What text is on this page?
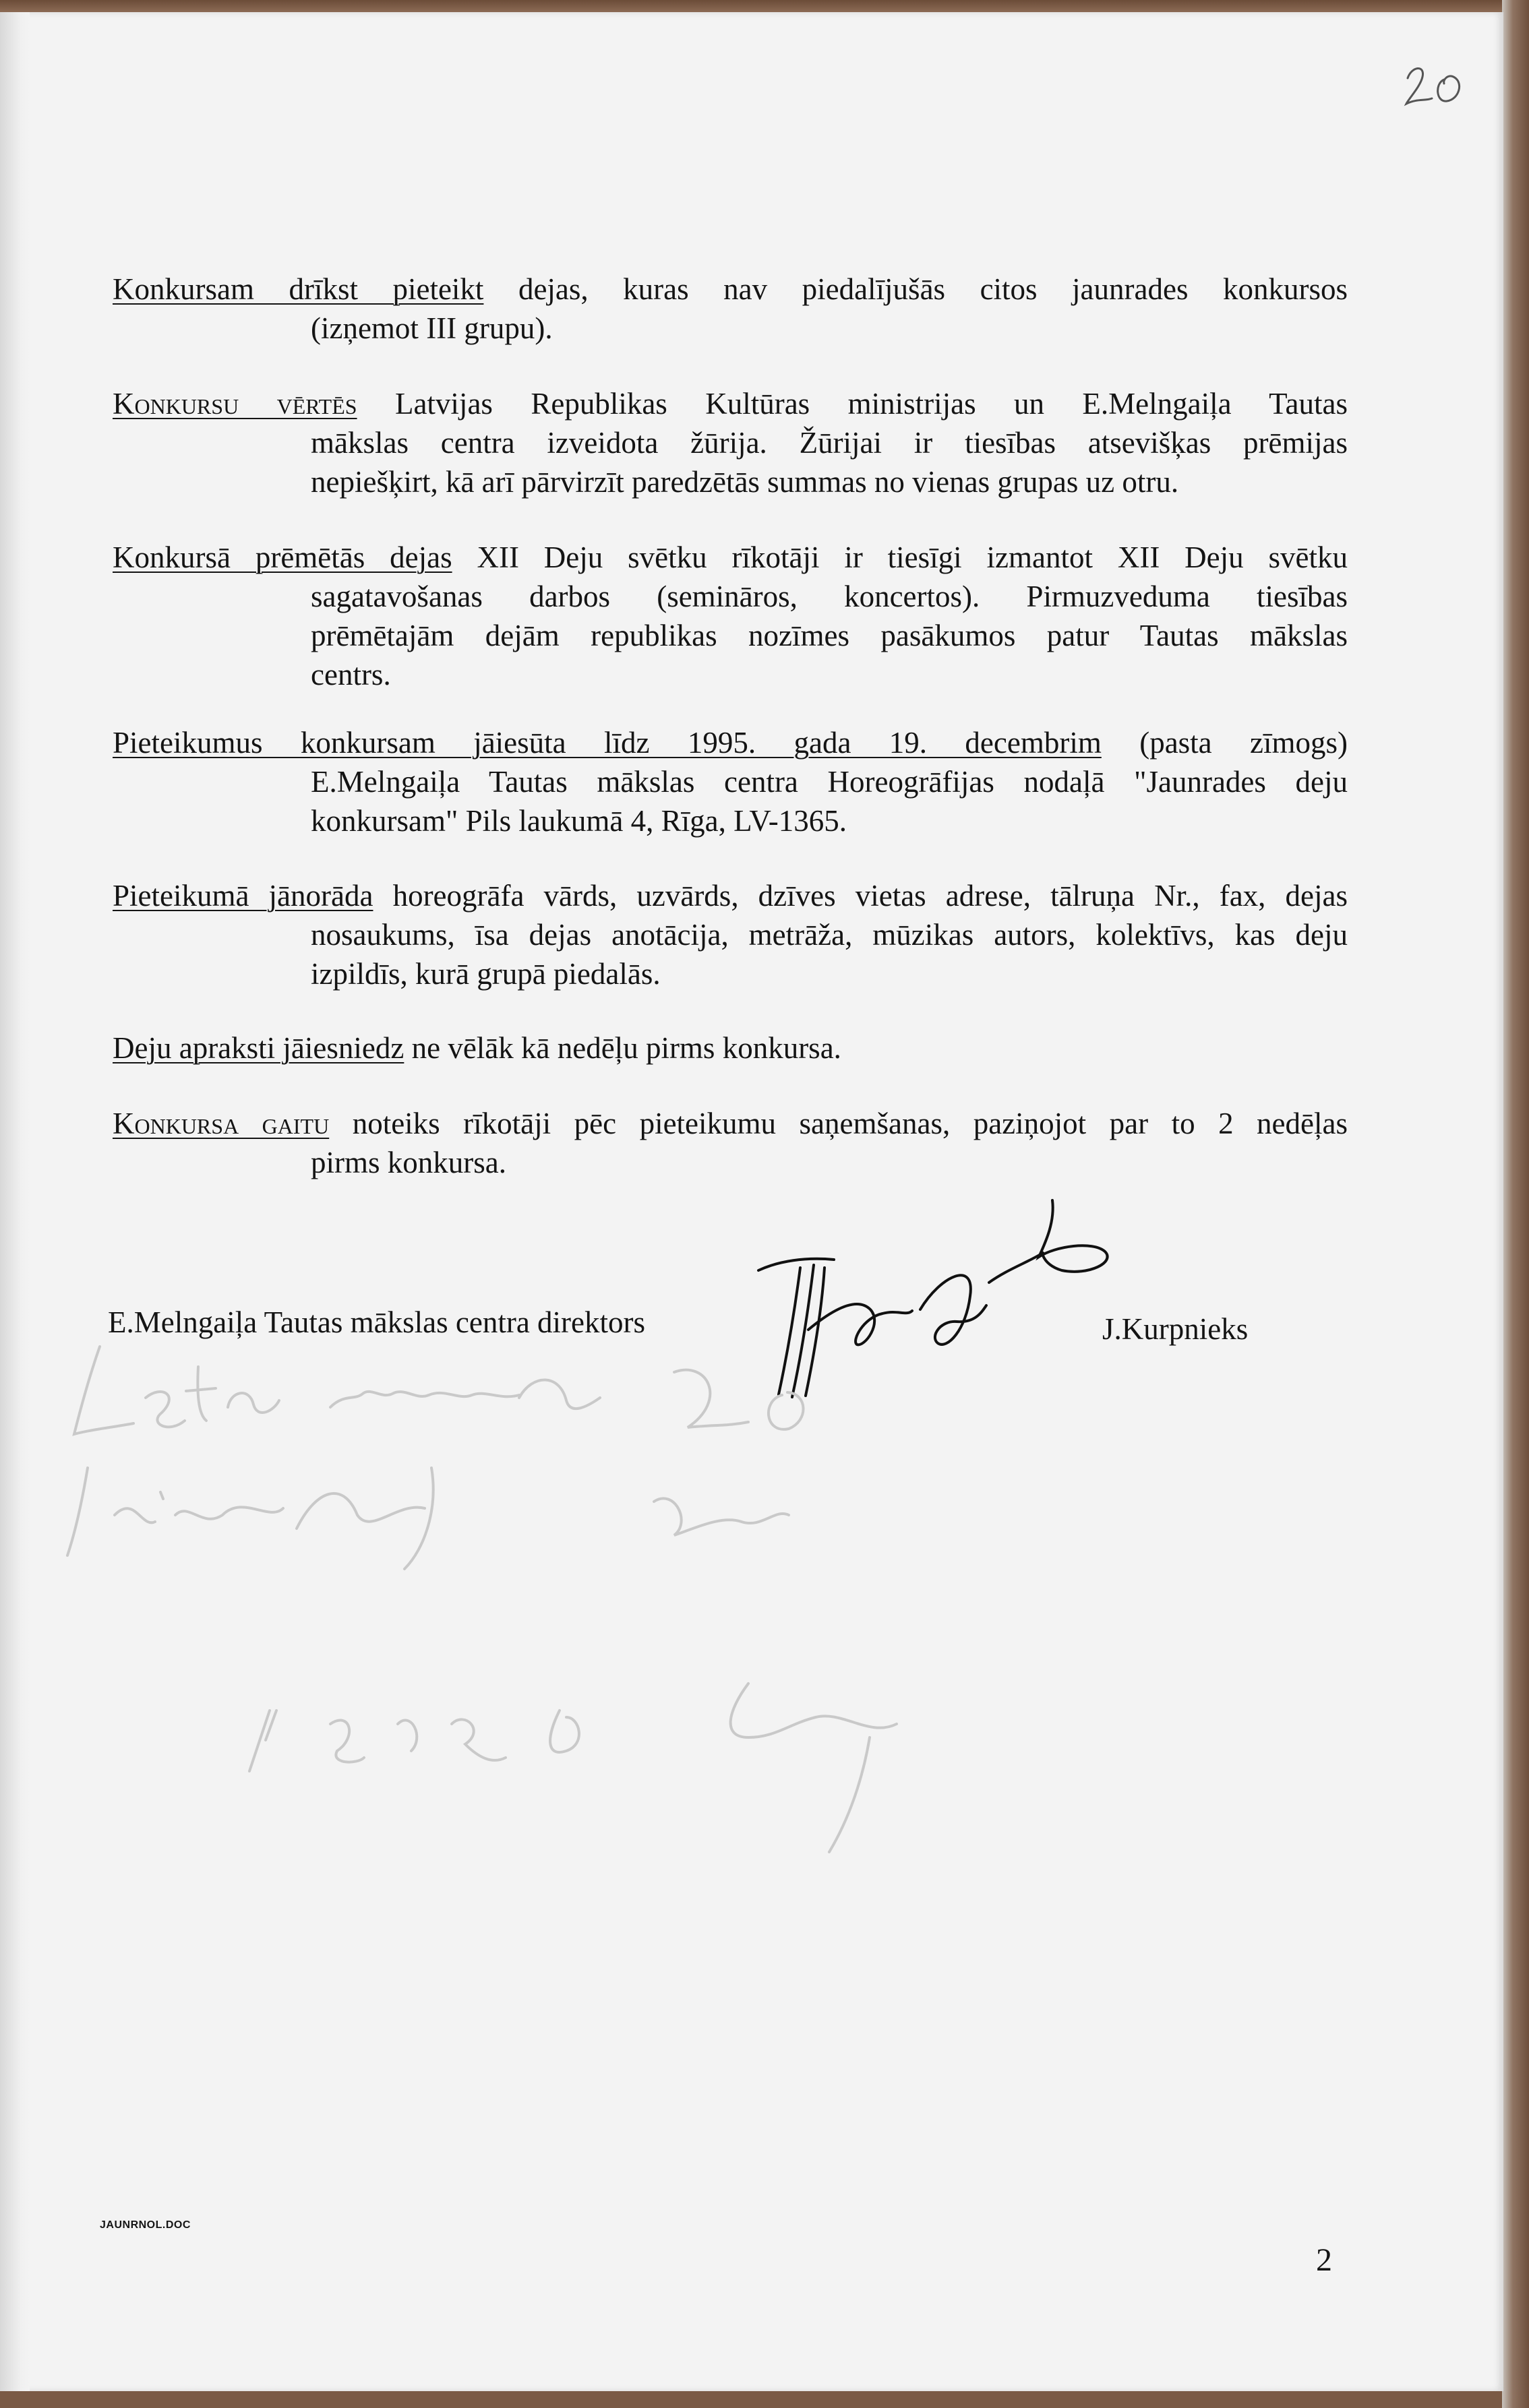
Konkursam drīkst pieteikt dejas, kuras nav piedalījušās citos jaunrades konkursos
(izņemot III grupu).
Konkursu vērtēs Latvijas Republikas Kultūras ministrijas un E.Melngaiļa Tautas
mākslas centra izveidota žūrija. Žūrijai ir tiesības atsevišķas prēmijas
nepiešķirt, kā arī pārvirzīt paredzētās summas no vienas grupas uz otru.
Konkursā prēmētās dejas XII Deju svētku rīkotāji ir tiesīgi izmantot XII Deju svētku
sagatavošanas darbos (semināros, koncertos). Pirmuzveduma tiesības
prēmētajām dejām republikas nozīmes pasākumos patur Tautas mākslas
centrs.
Pieteikumus konkursam jāiesūta līdz 1995. gada 19. decembrim (pasta zīmogs)
E.Melngaiļa Tautas mākslas centra Horeogrāfijas nodaļā "Jaunrades deju
konkursam" Pils laukumā 4, Rīga, LV-1365.
Pieteikumā jānorāda horeogrāfa vārds, uzvārds, dzīves vietas adrese, tālruņa Nr., fax, dejas
nosaukums, īsa dejas anotācija, metrāža, mūzikas autors, kolektīvs, kas deju
izpildīs, kurā grupā piedalās.
Deju apraksti jāiesniedz ne vēlāk kā nedēļu pirms konkursa.
Konkursa gaitu noteiks rīkotāji pēc pieteikumu saņemšanas, paziņojot par to 2 nedēļas
pirms konkursa.
E.Melngaiļa Tautas mākslas centra direktors	J.Kurpnieks
JAUNRNOL.DOC
2
